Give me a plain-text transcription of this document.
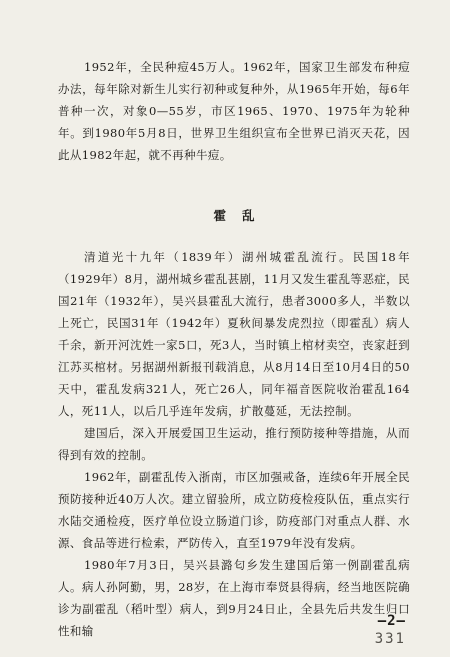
1952年，全民种痘45万人。1962年，国家卫生部发布种痘办法，每年除对新生儿实行初种或复种外，从1965年开始，每6年普种一次，对象0—55岁，市区1965、1970、1975年为轮种年。到1980年5月8日，世界卫生组织宣布全世界已消灭天花，因此从1982年起，就不再种牛痘。

霍乱

清道光十九年（1839年）湖州城霍乱流行。民国18年（1929年）8月，湖州城乡霍乱甚剧，11月又发生霍乱等恶症，民国21年（1932年），吴兴县霍乱大流行，患者3000多人，半数以上死亡，民国31年（1942年）夏秋间暴发虎烈拉（即霍乱）病人千余，新开河沈姓一家5口，死3人，当时镇上棺材卖空，丧家赶到江苏买棺材。另据湖州新报刊载消息，从8月14日至10月4日的50天中，霍乱发病321人，死亡26人，同年福音医院收治霍乱164人，死11人，以后几乎连年发病，扩散蔓延，无法控制。

建国后，深入开展爱国卫生运动，推行预防接种等措施，从而得到有效的控制。

1962年，副霍乱传入浙南，市区加强戒备，连续6年开展全民预防接种近40万人次。建立留验所，成立防疫检疫队伍，重点实行水陆交通检疫，医疗单位设立肠道门诊，防疫部门对重点人群、水源、食品等进行检索，严防传入，直至1979年没有发病。

1980年7月3日，吴兴县潞匂乡发生建国后第一例副霍乱病人。病人孙阿勤，男，28岁，在上海市奉贤县得病，经当地医院确诊为副霍乱（稻叶型）病人，到9月24日止，全县先后共发生归口性和输

—2—
331
